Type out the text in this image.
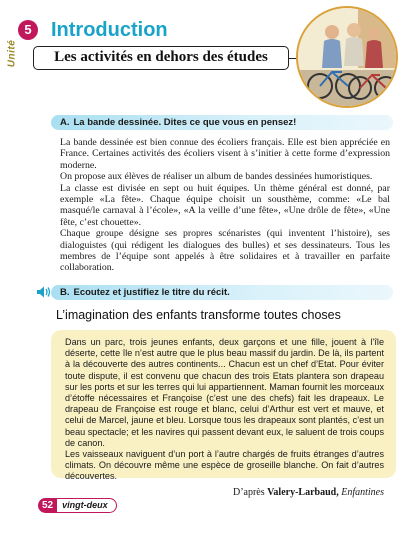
5
Unité
Introduction
Les activités en dehors des études
A. La bande dessinée. Dites ce que vous en pensez!

La bande dessinée est bien connue des écoliers français. Elle est bien appréciée en France. Certaines activités des écoliers visent à s’initier à cette forme d’expression moderne.

On propose aux élèves de réaliser un album de bandes dessinées humoristiques.

La classe est divisée en sept ou huit équipes. Un thème général est donné, par exemple «La fête». Chaque équipe choisit un sousthème, comme: «Le bal masqué/le carnaval à l’école», «A la veille d’une fête», «Une drôle de fête», «Une fête, c’est chouette».

Chaque groupe désigne ses propres scénaristes (qui inventent l’histoire), ses dialoguistes (qui rédigent les dialogues des bulles) et ses dessinateurs. Tous les membres de l’équipe sont appelés à être solidaires et à travailler en parfaite collaboration.

B. Ecoutez et justifiez le titre du récit.
L’imagination des enfants transforme toutes choses

Dans un parc, trois jeunes enfants, deux garçons et une fille, jouent à l’île déserte, cette île n’est autre que le plus beau massif du jardin. De là, ils partent à la découverte des autres continents... Chacun est un chef d’Etat. Pour éviter toute dispute, il est convenu que chacun des trois Etats plantera son drapeau sur les ports et sur les terres qui lui appartiennent. Maman fournit les morceaux d’étoffe nécessaires et Françoise (c’est une des chefs) fait les drapeaux. Le drapeau de Françoise est rouge et blanc, celui d’Arthur est vert et mauve, et celui de Marcel, jaune et bleu. Lorsque tous les drapeaux sont plantés, c’est un beau spectacle; et les navires qui passent devant eux, le saluent de trois coups de canon.

Les vaisseaux naviguent d’un port à l’autre chargés de fruits étranges d’autres climats. On découvre même une espèce de groseille blanche. On fait d’autres découvertes.

D’après Valery-Larbaud, Enfantines

52	vingt-deux
